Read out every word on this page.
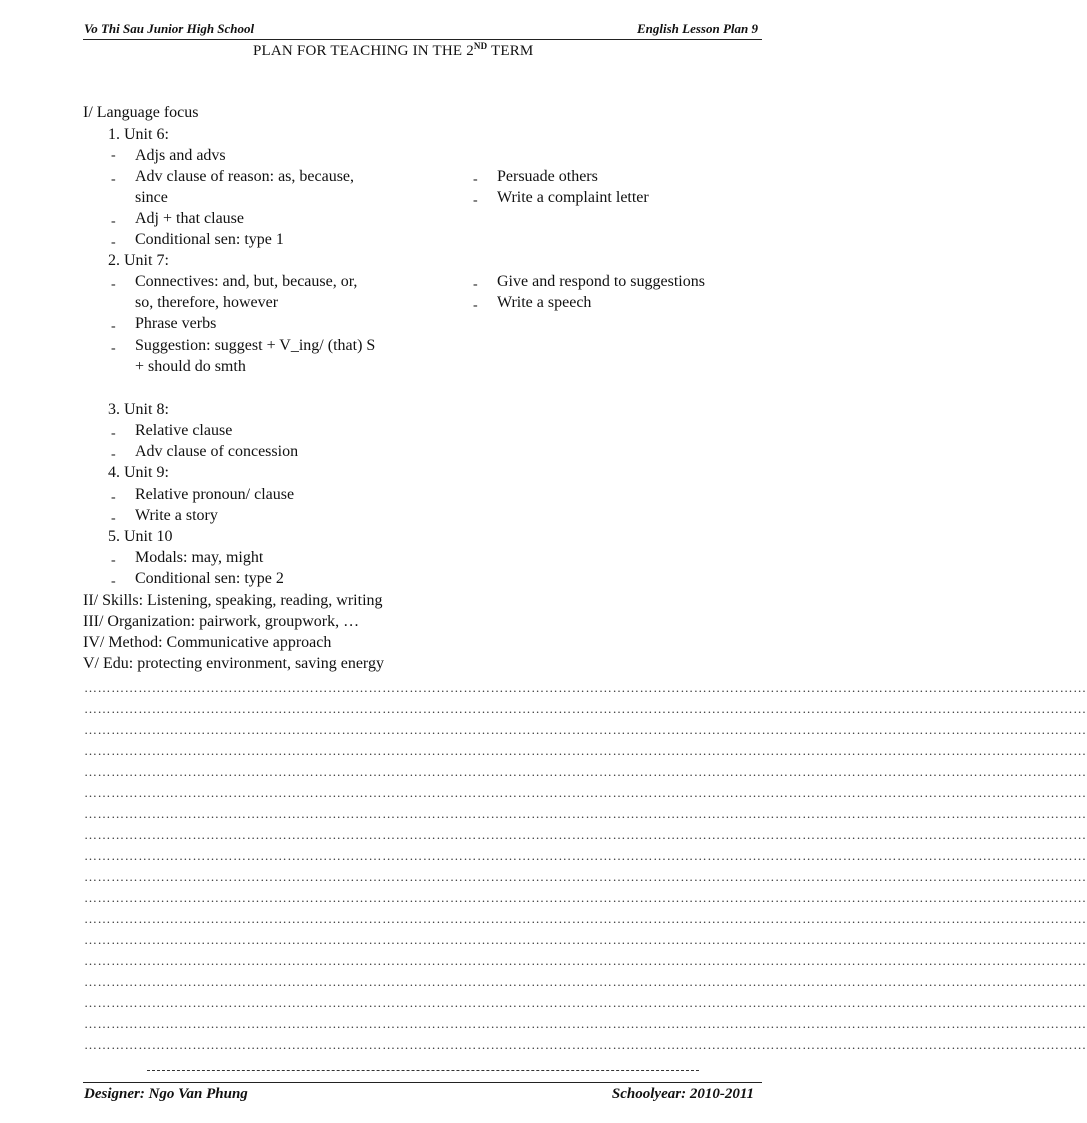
Vo Thi Sau Junior High School	English Lesson Plan 9
PLAN FOR TEACHING IN THE 2ND TERM
I/ Language focus
1. Unit 6:
- Adjs and advs
- Adv clause of reason: as, because,
since
- Adj + that clause
- Conditional sen: type 1
- Persuade others
- Write a complaint letter
2. Unit 7:
- Connectives: and, but, because, or,
so, therefore, however
- Phrase verbs
- Suggestion: suggest + V_ing/ (that) S
+ should do smth
- Give and respond to suggestions
- Write a speech
3. Unit 8:
- Relative clause
- Adv clause of concession
4. Unit 9:
- Relative pronoun/ clause
- Write a story
5. Unit 10
- Modals: may, might
- Conditional sen: type 2
II/ Skills: Listening, speaking, reading, writing
III/ Organization: pairwork, groupwork, …
IV/ Method: Communicative approach
V/ Edu: protecting environment, saving energy
……………………………………………………………………………………………………………………………………………………………………………………………………
……………………………………………………………………………………………………………………………………………………………………………………………………
……………………………………………………………………………………………………………………………………………………………………………………………………
……………………………………………………………………………………………………………………………………………………………………………………………………
……………………………………………………………………………………………………………………………………………………………………………………………………
……………………………………………………………………………………………………………………………………………………………………………………………………
……………………………………………………………………………………………………………………………………………………………………………………………………
……………………………………………………………………………………………………………………………………………………………………………………………………
……………………………………………………………………………………………………………………………………………………………………………………………………
……………………………………………………………………………………………………………………………………………………………………………………………………
……………………………………………………………………………………………………………………………………………………………………………………………………
……………………………………………………………………………………………………………………………………………………………………………………………………
……………………………………………………………………………………………………………………………………………………………………………………………………
……………………………………………………………………………………………………………………………………………………………………………………………………
……………………………………………………………………………………………………………………………………………………………………………………………………
……………………………………………………………………………………………………………………………………………………………………………………………………
……………………………………………………………………………………………………………………………………………………………………………………………………
……………………………………………………………………………………………………………………………………………………………………………………………………
Designer: Ngo Van Phung	Schoolyear: 2010-2011
